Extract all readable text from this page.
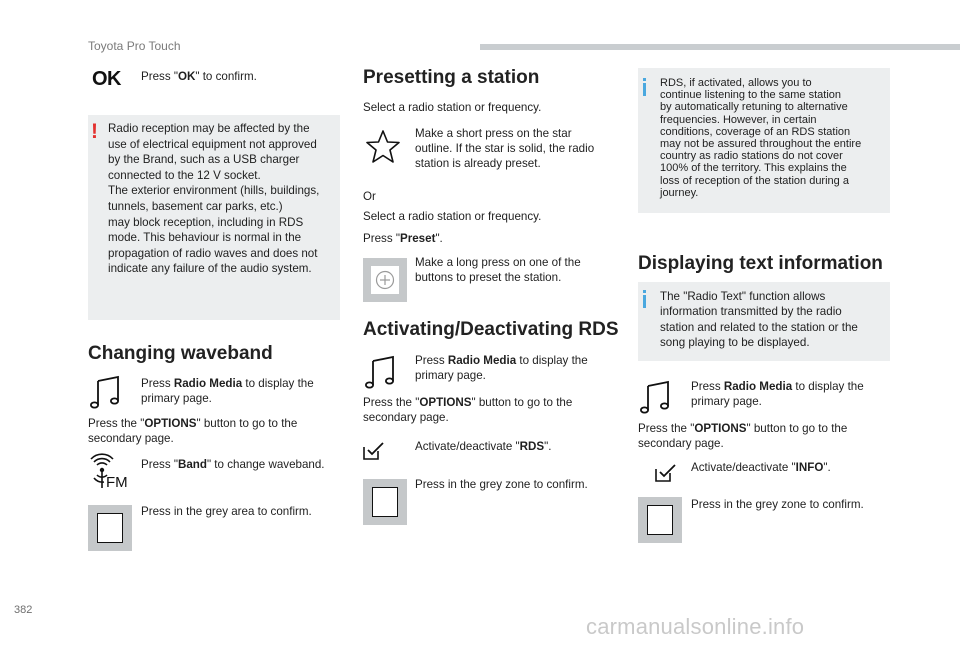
Toyota Pro Touch
OK Press "OK" to confirm.
! Radio reception may be affected by the
use of electrical equipment not approved
by the Brand, such as a USB charger
connected to the 12 V socket.
The exterior environment (hills, buildings,
tunnels, basement car parks, etc.)
may block reception, including in RDS
mode. This behaviour is normal in the
propagation of radio waves and does not
indicate any failure of the audio system.
Changing waveband
Press Radio Media to display the
primary page.
Press the "OPTIONS" button to go to the
secondary page.
FM
Press "Band" to change waveband.
Press in the grey area to confirm.
Presetting a station
Select a radio station or frequency.
Make a short press on the star
outline. If the star is solid, the radio
station is already preset.
Or
Select a radio station or frequency.
Press "Preset".
Make a long press on one of the
buttons to preset the station.
Activating/Deactivating RDS
Press Radio Media to display the
primary page.
Press the "OPTIONS" button to go to the
secondary page.
Activate/deactivate "RDS".
Press in the grey zone to confirm.
RDS, if activated, allows you to
continue listening to the same station
by automatically retuning to alternative
frequencies. However, in certain
conditions, coverage of an RDS station
may not be assured throughout the entire
country as radio stations do not cover
100% of the territory. This explains the
loss of reception of the station during a
journey.
Displaying text information
The "Radio Text" function allows
information transmitted by the radio
station and related to the station or the
song playing to be displayed.
Press Radio Media to display the
primary page.
Press the "OPTIONS" button to go to the
secondary page.
Activate/deactivate "INFO".
Press in the grey zone to confirm.
382
carmanualsonline.info
